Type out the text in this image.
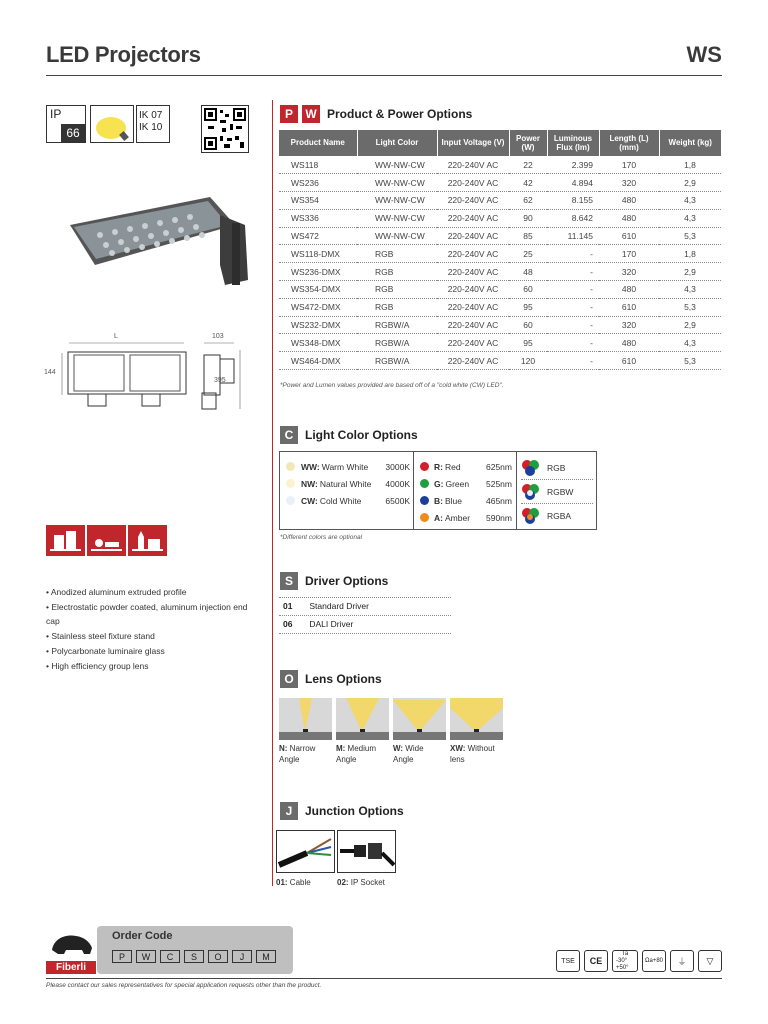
LED Projectors	WS
IP
66
IK 07
IK 10
L
144
103
395
• Anodized aluminum extruded profile
• Electrostatic powder coated, aluminum injection end cap
• Stainless steel fixture stand
• Polycarbonate luminaire glass
• High efficiency group lens
P	W Product & Power Options
Product Name	Light Color	Input Voltage (V)	Power (W)	Luminous Flux (lm)	Length (L) (mm)	Weight (kg)
WS118	WW-NW-CW	220-240V AC	22	2.399	170	1,8
WS236	WW-NW-CW	220-240V AC	42	4.894	320	2,9
WS354	WW-NW-CW	220-240V AC	62	8.155	480	4,3
WS336	WW-NW-CW	220-240V AC	90	8.642	480	4,3
WS472	WW-NW-CW	220-240V AC	85	11.145	610	5,3
WS118-DMX	RGB	220-240V AC	25	-	170	1,8
WS236-DMX	RGB	220-240V AC	48	-	320	2,9
WS354-DMX	RGB	220-240V AC	60	-	480	4,3
WS472-DMX	RGB	220-240V AC	95	-	610	5,3
WS232-DMX	RGBW/A	220-240V AC	60	-	320	2,9
WS348-DMX	RGBW/A	220-240V AC	95	-	480	4,3
WS464-DMX	RGBW/A	220-240V AC	120	-	610	5,3
*Power and Lumen values provided are based off of a "cold white (CW) LED".
C Light Color Options
WW: Warm White	3000K
NW: Natural White	4000K
CW: Cold White	6500K
R: Red	625nm
G: Green 525nm
B: Blue	465nm
A: Amber 590nm
RGB
RGBW
RGBA
*Different colors are optional
S	Driver Options
01 Standard Driver
06 DALI Driver
O Lens Options
N: Narrow
Angle
M: Medium
Angle
W: Wide
Angle
XW: Without
lens
J	Junction Options
01: Cable	02: IP Socket
Fiberli
Order Code
P	W	C	S	O	J	M	TSE	CE
Ta
-30° +50°
Ωa+80	⏚	▽
Please contact our sales representatives for special application requests other than the product.
